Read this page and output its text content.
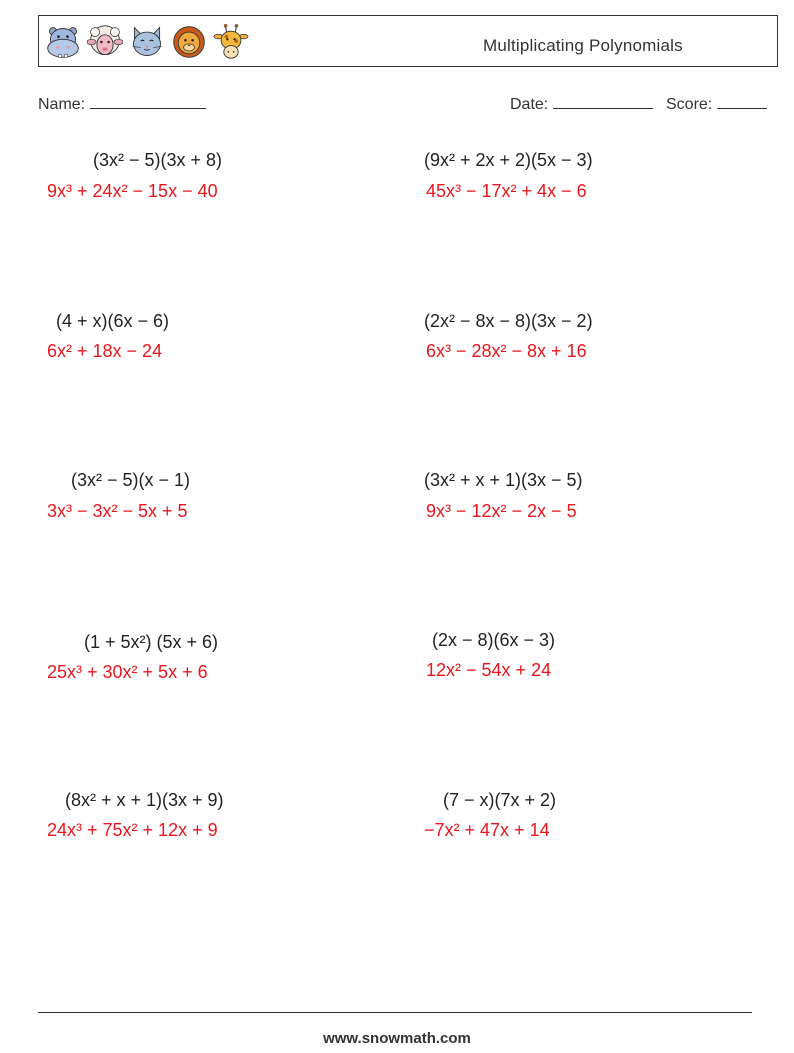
Multiplicating Polynomials
Name:	Date:	Score:
(3x² − 5)(3x + 8)
9x³ + 24x² − 15x − 40
(4 + x)(6x − 6)
6x² + 18x − 24
(3x² − 5)(x − 1)
3x³ − 3x² − 5x + 5
(1 + 5x²) (5x + 6)
25x³ + 30x² + 5x + 6
(8x² + x + 1)(3x + 9)
24x³ + 75x² + 12x + 9
(9x² + 2x + 2)(5x − 3)
45x³ − 17x² + 4x − 6
(2x² − 8x − 8)(3x − 2)
6x³ − 28x² − 8x + 16
(3x² + x + 1)(3x − 5)
9x³ − 12x² − 2x − 5
(2x − 8)(6x − 3)
12x² − 54x + 24
(7 − x)(7x + 2)
−7x² + 47x + 14
www.snowmath.com
